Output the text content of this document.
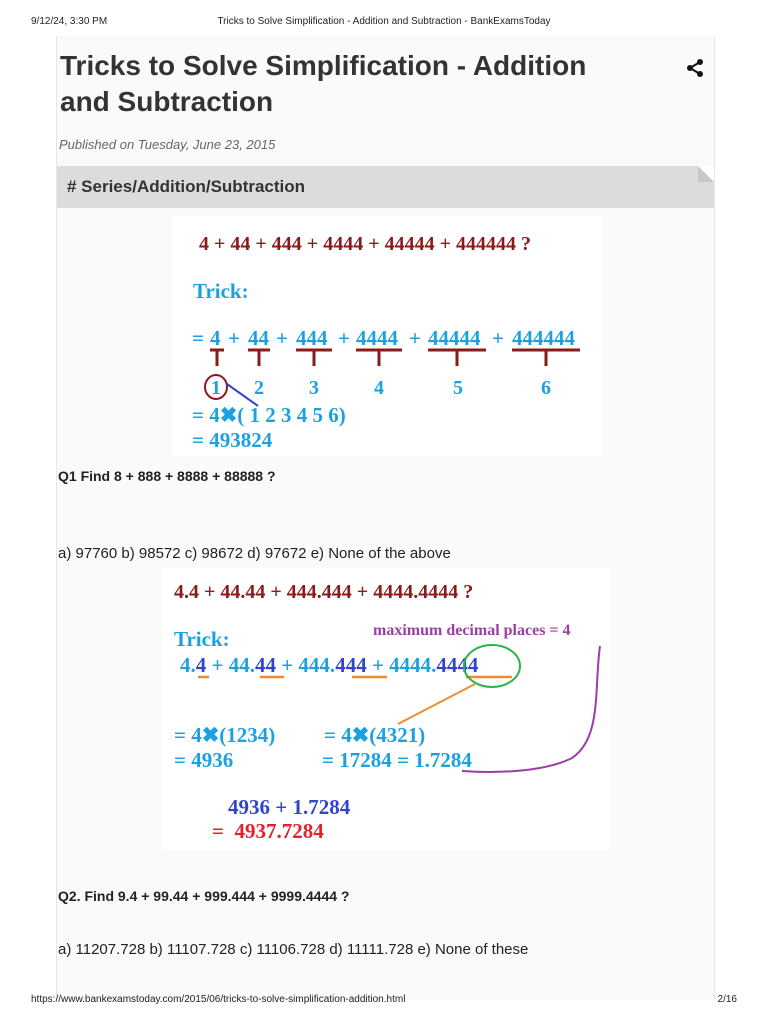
9/12/24, 3:30 PM	Tricks to Solve Simplification - Addition and Subtraction - BankExamsToday
Tricks to Solve Simplification - Addition and Subtraction
Published on Tuesday, June 23, 2015
# Series/Addition/Subtraction
4 + 44 + 444 + 4444 + 44444 + 444444 ?
Trick:
= 4 + 44 + 444 + 4444 + 44444 + 444444
1 2 3	4	5	6
= 4✖( 1 2 3 4 5 6)
= 493824
Q1 Find 8 + 888 + 8888 + 88888 ?
a) 97760 b) 98572 c) 98672 d) 97672 e) None of the above
4.4 + 44.44 + 444.444 + 4444.4444 ?
Trick:	maximum decimal places = 4
4.4 + 44.44 + 444.444 + 4444.4444
= 4✖(1234)
= 4936
= 4✖(4321)
= 17284 = 1.7284
4936 + 1.7284
=  4937.7284
Q2. Find 9.4 + 99.44 + 999.444 + 9999.4444 ?
a) 11207.728 b) 11107.728 c) 11106.728 d) 11111.728 e) None of these
https://www.bankexamstoday.com/2015/06/tricks-to-solve-simplification-addition.html	2/16
